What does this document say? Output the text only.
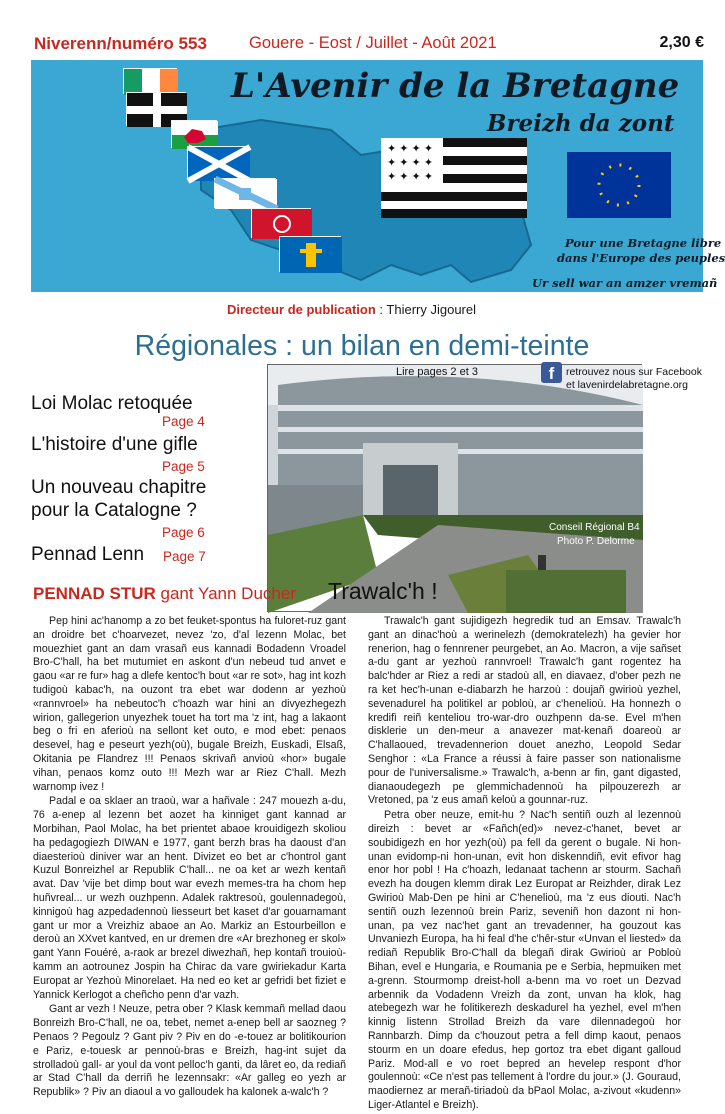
Niverenn/numéro 553	Gouere - Eost / Juillet - Août 2021	2,30 €
✦ ✦ ✦ ✦
✦ ✦ ✦ ✦
✦ ✦ ✦ ✦
L'Avenir de la Bretagne
Breizh da zont
Pour une Bretagne libre
dans l'Europe des peuples
Ur sell war an amzer vremañ
Directeur de publication : Thierry Jigourel
Régionales : un bilan en demi-teinte
Lire pages 2 et 3
Conseil Régional B4
Photo P. Delorme
f	retrouvez nous sur Facebook
et lavenirdelabretagne.org
Loi Molac retoquée
Page 4
L'histoire d'une gifle
Page 5
Un nouveau chapitre
pour la Catalogne ?
Page 6
Pennad Lenn Page 7
PENNAD STUR gant Yann Ducher Trawalc'h !

Pep hini ac'hanomp a zo bet feuket-spontus ha fuloret-ruz gant an droidre bet c'hoarvezet, nevez 'zo, d'al lezenn Molac, bet mouezhiet gant an dam vrasañ eus kannadi Bodadenn Vroadel Bro-C'hall, ha bet mutumiet en askont d'un nebeud tud anvet e gaou «ar re fur» hag a dlefe kentoc'h bout «ar re sot», hag int kozh tudigoù kabac'h, na ouzont tra ebet war dodenn ar yezhoù «rannvroel» ha nebeutoc'h c'hoazh war hini an divyezhegezh wirion, gallegerion unyezhek touet ha tort ma 'z int, hag a lakaont beg o fri en aferioù na sellont ket outo, e mod ebet: penaos desevel, hag e peseurt yezh(où), bugale Breizh, Euskadi, Elsaß, Okitania pe Flandrez !!! Penaos skrivañ anvioù «hor» bugale vihan, penaos komz outo !!! Mezh war ar Riez C'hall. Mezh warnomp ivez !

Padal e oa sklaer an traoù, war a hañvale : 247 mouezh a-du, 76 a-enep al lezenn bet aozet ha kinniget gant kannad ar Morbihan, Paol Molac, ha bet prientet abaoe krouidigezh skoliou ha pedagogiezh DIWAN e 1977, gant berzh bras ha daoust d'an diaesterioù diniver war an hent. Divizet eo bet ar c'hontrol gant Kuzul Bonreizhel ar Republik C'hall... ne oa ket ar wezh kentañ avat. Dav 'vije bet dimp bout war evezh memes-tra ha chom hep huñvreal... ur wezh ouzhpenn. Adalek raktresoù, goulennadegoù, kinnigoù hag azpedadennoù liesseurt bet kaset d'ar gouarnamant gant ur mor a Vreizhiz abaoe an Ao. Markiz an Estourbeillon e deroù an XXvet kantved, en ur dremen dre «Ar brezhoneg er skol» gant Yann Fouéré, a-raok ar brezel diwezhañ, hep kontañ trouioù-kamm an aotrounez Jospin ha Chirac da vare gwiriekadur Karta Europat ar Yezhoù Minorelaet. Ha ned eo ket ar gefridi bet fiziet e Yannick Kerlogot a cheñcho penn d'ar vazh.

Gant ar vezh ! Neuze, petra ober ? Klask kemmañ mellad daou Bonreizh Bro-C'hall, ne oa, tebet, nemet a-enep bell ar saozneg ? Penaos ? Pegoulz ? Gant piv ? Piv en do -e-touez ar bolitikourion e Pariz, e-touesk ar pennoù-bras e Breizh, hag-int sujet da strolladoù gall- ar youl da vont pelloc'h ganti, da lâret eo, da rediañ ar Stad C'hall da derriñ he lezennsakr: «Ar galleg eo yezh ar Republik» ? Piv an diaoul a vo galloudek ha kalonek a-walc'h ?

Trawalc'h gant sujidigezh hegredik tud an Emsav. Trawalc'h gant an dinac'hoù a werinelezh (demokratelezh) ha gevier hor renerion, hag o fennrener peurgebet, an Ao. Macron, a vije sañset a-du gant ar yezhoù rannvroel! Trawalc'h gant rogentez ha balc'hder ar Riez a redi ar stadoù all, en diavaez, d'ober pezh ne ra ket hec'h-unan e-diabarzh he harzoù : doujañ gwirioù yezhel, sevenadurel ha politikel ar pobloù, ar c'henelioù. Ha honnezh o kredifì reiñ kenteliou tro-war-dro ouzhpenn da-se. Evel m'hen disklerie un den-meur a anavezer mat-kenañ doareoù ar C'hallaoued, trevadennerion douet anezho, Leopold Sedar Senghor : «La France a réussi à faire passer son nationalisme pour de l'universalisme.» Trawalc'h, a-benn ar fin, gant digasted, dianaoudegezh pe glemmichadennoù ha pilpouzerezh ar Vretoned, pa 'z eus amañ keloù a gounnar-ruz.

Petra ober neuze, emit-hu ? Nac'h sentiñ ouzh al lezennoù direizh : bevet ar «Fañch(ed)» nevez-c'hanet, bevet ar soubidigezh en hor yezh(où) pa fell da gerent o bugale. Ni hon-unan evidomp-ni hon-unan, evit hon diskenndiñ, evit efivor hag enor hor pobl ! Ha c'hoazh, ledanaat tachenn ar stourm. Sachañ evezh ha dougen klemm dirak Lez Europat ar Reizhder, dirak Lez Gwirioù Mab-Den pe hini ar C'henelioù, ma 'z eus diouti. Nac'h sentiñ ouzh lezennoù brein Pariz, seveniñ hon dazont ni hon-unan, pa vez nac'het gant an trevadenner, ha gouzout kas Unvaniezh Europa, ha hi feal d'he c'hêr-stur «Unvan el liested» da rediañ Republik Bro-C'hall da blegañ dirak Gwirioù ar Pobloù Bihan, evel e Hungaria, e Roumania pe e Serbia, hepmuiken met a-grenn. Stourmomp dreist-holl a-benn ma vo roet un Dezvad arbennik da Vodadenn Vreizh da zont, unvan ha klok, hag atebegezh war he folitikerezh deskadurel ha yezhel, evel m'hen kinnig listenn Strollad Breizh da vare dilennadegoù hor Rannbarzh. Dimp da c'houzout petra a fell dimp kaout, penaos stourm en un doare efedus, hep gortoz tra ebet digant galloud Pariz. Mod-all e vo roet bepred an hevelep respont d'hor goulennoù: «Ce n'est pas tellement à l'ordre du jour.» (J. Gouraud, maodiernez ar merañ-tiriadoù da bPaol Molac, a-zivout «kudenn» Liger-Atlantel e Breizh).
